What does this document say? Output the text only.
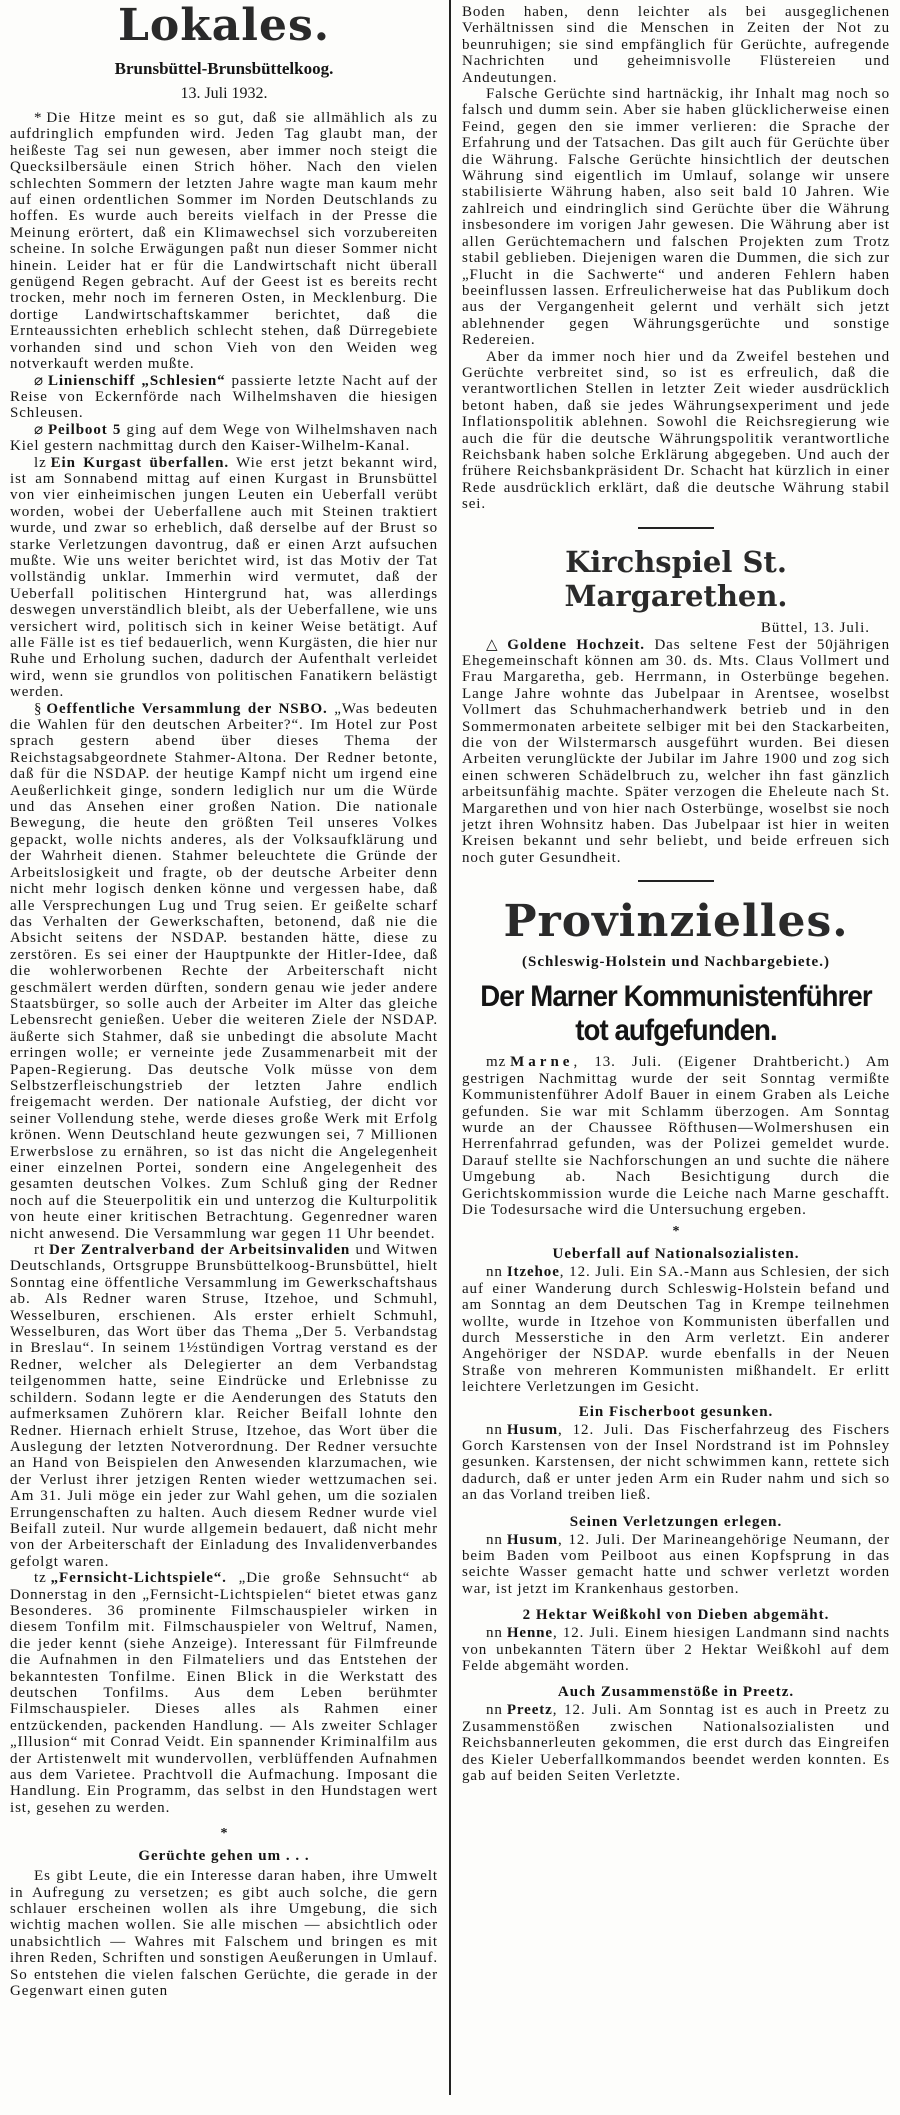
Lokales.
Brunsbüttel-Brunsbüttelkoog.
13. Juli 1932.

* Die Hitze meint es so gut, daß sie allmählich als zu aufdringlich empfunden wird. Jeden Tag glaubt man, der heißeste Tag sei nun gewesen, aber immer noch steigt die Quecksilbersäule einen Strich höher. Nach den vielen schlechten Sommern der letzten Jahre wagte man kaum mehr auf einen ordentlichen Sommer im Norden Deutschlands zu hoffen. Es wurde auch bereits vielfach in der Presse die Meinung erörtert, daß ein Klimawechsel sich vorzubereiten scheine. In solche Erwägungen paßt nun dieser Sommer nicht hinein. Leider hat er für die Landwirtschaft nicht überall genügend Regen gebracht. Auf der Geest ist es bereits recht trocken, mehr noch im ferneren Osten, in Mecklenburg. Die dortige Landwirtschaftskammer berichtet, daß die Ernteaussichten erheblich schlecht stehen, daß Dürregebiete vorhanden sind und schon Vieh von den Weiden weg notverkauft werden mußte.

⌀ Linienschiff „Schlesien“ passierte letzte Nacht auf der Reise von Eckernförde nach Wilhelmshaven die hiesigen Schleusen.

⌀ Peilboot 5 ging auf dem Wege von Wilhelmshaven nach Kiel gestern nachmittag durch den Kaiser-Wilhelm-Kanal.

lz Ein Kurgast überfallen. Wie erst jetzt bekannt wird, ist am Sonnabend mittag auf einen Kurgast in Brunsbüttel von vier einheimischen jungen Leuten ein Ueberfall verübt worden, wobei der Ueberfallene auch mit Steinen traktiert wurde, und zwar so erheblich, daß derselbe auf der Brust so starke Verletzungen davontrug, daß er einen Arzt aufsuchen mußte. Wie uns weiter berichtet wird, ist das Motiv der Tat vollständig unklar. Immerhin wird vermutet, daß der Ueberfall politischen Hintergrund hat, was allerdings deswegen unverständlich bleibt, als der Ueberfallene, wie uns versichert wird, politisch sich in keiner Weise betätigt. Auf alle Fälle ist es tief bedauerlich, wenn Kurgästen, die hier nur Ruhe und Erholung suchen, dadurch der Aufenthalt verleidet wird, wenn sie grundlos von politischen Fanatikern belästigt werden.

§ Oeffentliche Versammlung der NSBO. „Was bedeuten die Wahlen für den deutschen Arbeiter?“. Im Hotel zur Post sprach gestern abend über dieses Thema der Reichstagsabgeordnete Stahmer-Altona. Der Redner betonte, daß für die NSDAP. der heutige Kampf nicht um irgend eine Aeußerlichkeit ginge, sondern lediglich nur um die Würde und das Ansehen einer großen Nation. Die nationale Bewegung, die heute den größten Teil unseres Volkes gepackt, wolle nichts anderes, als der Volksaufklärung und der Wahrheit dienen. Stahmer beleuchtete die Gründe der Arbeitslosigkeit und fragte, ob der deutsche Arbeiter denn nicht mehr logisch denken könne und vergessen habe, daß alle Versprechungen Lug und Trug seien. Er geißelte scharf das Verhalten der Gewerkschaften, betonend, daß nie die Absicht seitens der NSDAP. bestanden hätte, diese zu zerstören. Es sei einer der Hauptpunkte der Hitler-Idee, daß die wohlerworbenen Rechte der Arbeiterschaft nicht geschmälert werden dürften, sondern genau wie jeder andere Staatsbürger, so solle auch der Arbeiter im Alter das gleiche Lebensrecht genießen. Ueber die weiteren Ziele der NSDAP. äußerte sich Stahmer, daß sie unbedingt die absolute Macht erringen wolle; er verneinte jede Zusammenarbeit mit der Papen-Regierung. Das deutsche Volk müsse von dem Selbstzerfleischungstrieb der letzten Jahre endlich freigemacht werden. Der nationale Aufstieg, der dicht vor seiner Vollendung stehe, werde dieses große Werk mit Erfolg krönen. Wenn Deutschland heute gezwungen sei, 7 Millionen Erwerbslose zu ernähren, so ist das nicht die Angelegenheit einer einzelnen Portei, sondern eine Angelegenheit des gesamten deutschen Volkes. Zum Schluß ging der Redner noch auf die Steuerpolitik ein und unterzog die Kulturpolitik von heute einer kritischen Betrachtung. Gegenredner waren nicht anwesend. Die Versammlung war gegen 11 Uhr beendet.

rt Der Zentralverband der Arbeitsinvaliden und Witwen Deutschlands, Ortsgruppe Brunsbüttelkoog-Brunsbüttel, hielt Sonntag eine öffentliche Versammlung im Gewerkschaftshaus ab. Als Redner waren Struse, Itzehoe, und Schmuhl, Wesselburen, erschienen. Als erster erhielt Schmuhl, Wesselburen, das Wort über das Thema „Der 5. Verbandstag in Breslau“. In seinem 1½stündigen Vortrag verstand es der Redner, welcher als Delegierter an dem Verbandstag teilgenommen hatte, seine Eindrücke und Erlebnisse zu schildern. Sodann legte er die Aenderungen des Statuts den aufmerksamen Zuhörern klar. Reicher Beifall lohnte den Redner. Hiernach erhielt Struse, Itzehoe, das Wort über die Auslegung der letzten Notverordnung. Der Redner versuchte an Hand von Beispielen den Anwesenden klarzumachen, wie der Verlust ihrer jetzigen Renten wieder wettzumachen sei. Am 31. Juli möge ein jeder zur Wahl gehen, um die sozialen Errungenschaften zu halten. Auch diesem Redner wurde viel Beifall zuteil. Nur wurde allgemein bedauert, daß nicht mehr von der Arbeiterschaft der Einladung des Invalidenverbandes gefolgt waren.

tz „Fernsicht-Lichtspiele“. „Die große Sehnsucht“ ab Donnerstag in den „Fernsicht-Lichtspielen“ bietet etwas ganz Besonderes. 36 prominente Filmschauspieler wirken in diesem Tonfilm mit. Filmschauspieler von Weltruf, Namen, die jeder kennt (siehe Anzeige). Interessant für Filmfreunde die Aufnahmen in den Filmateliers und das Entstehen der bekanntesten Tonfilme. Einen Blick in die Werkstatt des deutschen Tonfilms. Aus dem Leben berühmter Filmschauspieler. Dieses alles als Rahmen einer entzückenden, packenden Handlung. — Als zweiter Schlager „Illusion“ mit Conrad Veidt. Ein spannender Kriminalfilm aus der Artistenwelt mit wundervollen, verblüffenden Aufnahmen aus dem Varietee. Prachtvoll die Aufmachung. Imposant die Handlung. Ein Programm, das selbst in den Hundstagen wert ist, gesehen zu werden.

*
Gerüchte gehen um . . .

Es gibt Leute, die ein Interesse daran haben, ihre Umwelt in Aufregung zu versetzen; es gibt auch solche, die gern schlauer erscheinen wollen als ihre Umgebung, die sich wichtig machen wollen. Sie alle mischen — absichtlich oder unabsichtlich — Wahres mit Falschem und bringen es mit ihren Reden, Schriften und sonstigen Aeußerungen in Umlauf. So entstehen die vielen falschen Gerüchte, die gerade in der Gegenwart einen guten

Boden haben, denn leichter als bei ausgeglichenen Verhältnissen sind die Menschen in Zeiten der Not zu beunruhigen; sie sind empfänglich für Gerüchte, aufregende Nachrichten und geheimnisvolle Flüstereien und Andeutungen.

Falsche Gerüchte sind hartnäckig, ihr Inhalt mag noch so falsch und dumm sein. Aber sie haben glücklicherweise einen Feind, gegen den sie immer verlieren: die Sprache der Erfahrung und der Tatsachen. Das gilt auch für Gerüchte über die Währung. Falsche Gerüchte hinsichtlich der deutschen Währung sind eigentlich im Umlauf, solange wir unsere stabilisierte Währung haben, also seit bald 10 Jahren. Wie zahlreich und eindringlich sind Gerüchte über die Währung insbesondere im vorigen Jahr gewesen. Die Währung aber ist allen Gerüchtemachern und falschen Projekten zum Trotz stabil geblieben. Diejenigen waren die Dummen, die sich zur „Flucht in die Sachwerte“ und anderen Fehlern haben beeinflussen lassen. Erfreulicherweise hat das Publikum doch aus der Vergangenheit gelernt und verhält sich jetzt ablehnender gegen Währungsgerüchte und sonstige Redereien.

Aber da immer noch hier und da Zweifel bestehen und Gerüchte verbreitet sind, so ist es erfreulich, daß die verantwortlichen Stellen in letzter Zeit wieder ausdrücklich betont haben, daß sie jedes Währungsexperiment und jede Inflationspolitik ablehnen. Sowohl die Reichsregierung wie auch die für die deutsche Währungspolitik verantwortliche Reichsbank haben solche Erklärung abgegeben. Und auch der frühere Reichsbankpräsident Dr. Schacht hat kürzlich in einer Rede ausdrücklich erklärt, daß die deutsche Währung stabil sei.

Kirchspiel St. Margarethen.
Büttel, 13. Juli.

△ Goldene Hochzeit. Das seltene Fest der 50jährigen Ehegemeinschaft können am 30. ds. Mts. Claus Vollmert und Frau Margaretha, geb. Herrmann, in Osterbünge begehen. Lange Jahre wohnte das Jubelpaar in Arentsee, woselbst Vollmert das Schuhmacherhandwerk betrieb und in den Sommermonaten arbeitete selbiger mit bei den Stackarbeiten, die von der Wilstermarsch ausgeführt wurden. Bei diesen Arbeiten verunglückte der Jubilar im Jahre 1900 und zog sich einen schweren Schädelbruch zu, welcher ihn fast gänzlich arbeitsunfähig machte. Später verzogen die Eheleute nach St. Margarethen und von hier nach Osterbünge, woselbst sie noch jetzt ihren Wohnsitz haben. Das Jubelpaar ist hier in weiten Kreisen bekannt und sehr beliebt, und beide erfreuen sich noch guter Gesundheit.

Provinzielles.
(Schleswig-Holstein und Nachbargebiete.)
Der Marner Kommunistenführer
tot aufgefunden.

mz Marne, 13. Juli. (Eigener Drahtbericht.) Am gestrigen Nachmittag wurde der seit Sonntag vermißte Kommunistenführer Adolf Bauer in einem Graben als Leiche gefunden. Sie war mit Schlamm überzogen. Am Sonntag wurde an der Chaussee Röfthusen—Wolmershusen ein Herrenfahrrad gefunden, was der Polizei gemeldet wurde. Darauf stellte sie Nachforschungen an und suchte die nähere Umgebung ab. Nach Besichtigung durch die Gerichtskommission wurde die Leiche nach Marne geschafft. Die Todesursache wird die Untersuchung ergeben.

*
Ueberfall auf Nationalsozialisten.

nn Itzehoe, 12. Juli. Ein SA.-Mann aus Schlesien, der sich auf einer Wanderung durch Schleswig-Holstein befand und am Sonntag an dem Deutschen Tag in Krempe teilnehmen wollte, wurde in Itzehoe von Kommunisten überfallen und durch Messerstiche in den Arm verletzt. Ein anderer Angehöriger der NSDAP. wurde ebenfalls in der Neuen Straße von mehreren Kommunisten mißhandelt. Er erlitt leichtere Verletzungen im Gesicht.

Ein Fischerboot gesunken.

nn Husum, 12. Juli. Das Fischerfahrzeug des Fischers Gorch Karstensen von der Insel Nordstrand ist im Pohnsley gesunken. Karstensen, der nicht schwimmen kann, rettete sich dadurch, daß er unter jeden Arm ein Ruder nahm und sich so an das Vorland treiben ließ.

Seinen Verletzungen erlegen.

nn Husum, 12. Juli. Der Marineangehörige Neumann, der beim Baden vom Peilboot aus einen Kopfsprung in das seichte Wasser gemacht hatte und schwer verletzt worden war, ist jetzt im Krankenhaus gestorben.

2 Hektar Weißkohl von Dieben abgemäht.

nn Henne, 12. Juli. Einem hiesigen Landmann sind nachts von unbekannten Tätern über 2 Hektar Weißkohl auf dem Felde abgemäht worden.

Auch Zusammenstöße in Preetz.

nn Preetz, 12. Juli. Am Sonntag ist es auch in Preetz zu Zusammenstößen zwischen Nationalsozialisten und Reichsbannerleuten gekommen, die erst durch das Eingreifen des Kieler Ueberfallkommandos beendet werden konnten. Es gab auf beiden Seiten Verletzte.
